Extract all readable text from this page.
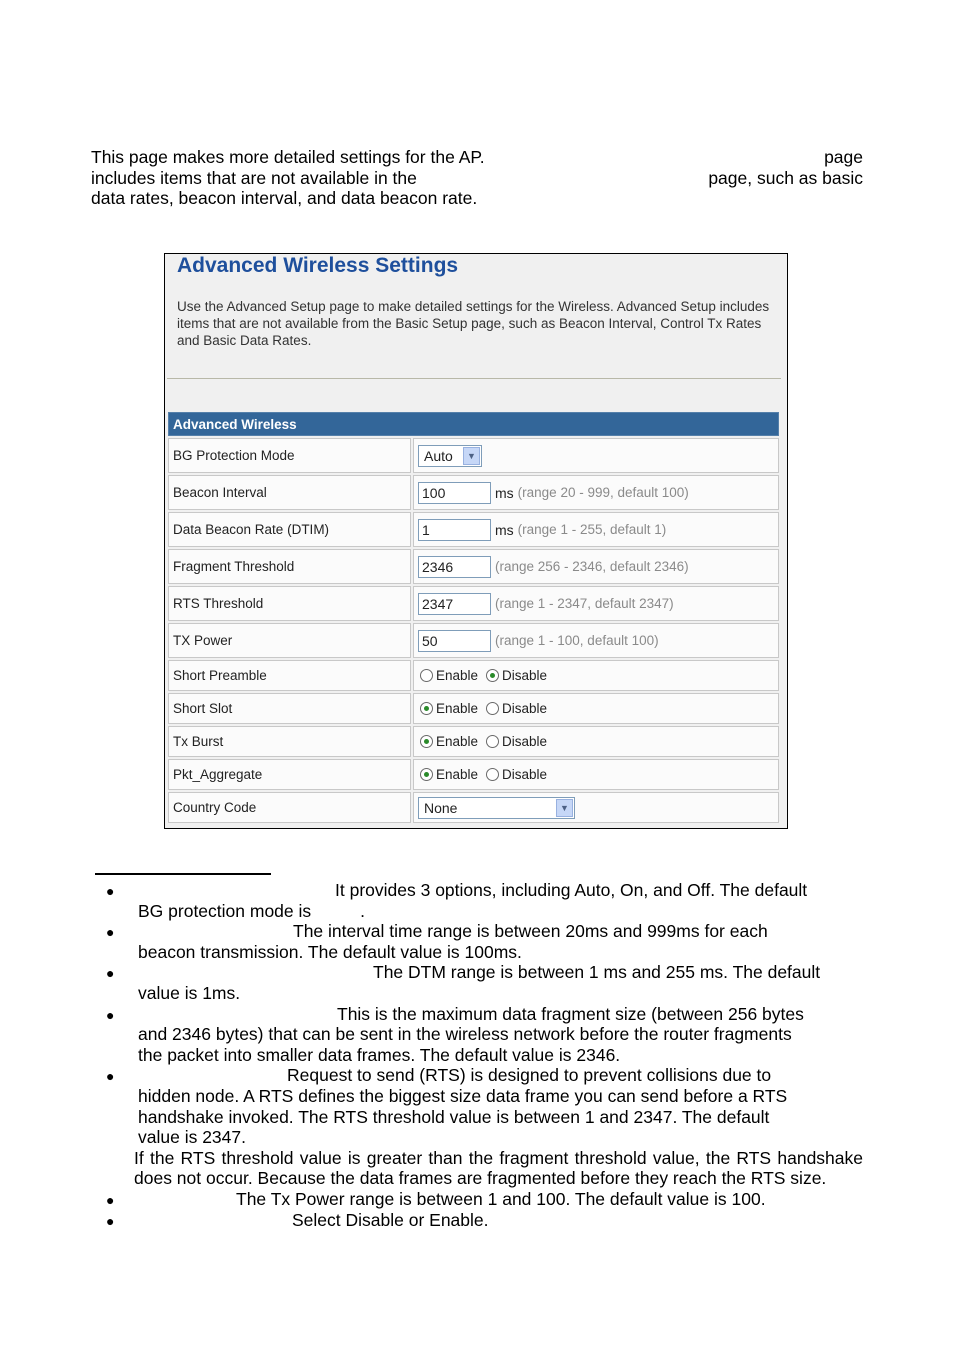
This page makes more detailed settings for the AP.	page
includes items that are not available in the	page, such as basic
data rates, beacon interval, and data beacon rate.
Advanced Wireless Settings
Use the Advanced Setup page to make detailed settings for the Wireless. Advanced Setup includes items that are not available from the Basic Setup page, such as Beacon Interval, Control Tx Rates and Basic Data Rates.
Advanced Wireless
BG Protection Mode	Auto	▼
Beacon Interval	100	ms (range 20 - 999, default 100)
Data Beacon Rate (DTIM)	1	ms (range 1 - 255, default 1)
Fragment Threshold	2346	(range 256 - 2346, default 2346)
RTS Threshold	2347	(range 1 - 2347, default 2347)
TX Power	50	(range 1 - 100, default 100)
Short Preamble	Enable Disable
Short Slot	Enable Disable
Tx Burst	Enable Disable
Pkt_Aggregate	Enable Disable
Country Code	None	▼
●	It provides 3 options, including Auto, On, and Off. The default
BG protection mode is	.
●	The interval time range is between 20ms and 999ms for each
beacon transmission. The default value is 100ms.
●	The DTM range is between 1 ms and 255 ms. The default
value is 1ms.
●	This is the maximum data fragment size (between 256 bytes
and 2346 bytes) that can be sent in the wireless network before the router fragments
the packet into smaller data frames. The default value is 2346.
●	Request to send (RTS) is designed to prevent collisions due to
hidden node. A RTS defines the biggest size data frame you can send before a RTS
handshake invoked. The RTS threshold value is between 1 and 2347. The default
value is 2347.
If the RTS threshold value is greater than the fragment threshold value, the RTS handshake does not occur. Because the data frames are fragmented before they reach the RTS size.
●	The Tx Power range is between 1 and 100. The default value is 100.
●	Select Disable or Enable.
